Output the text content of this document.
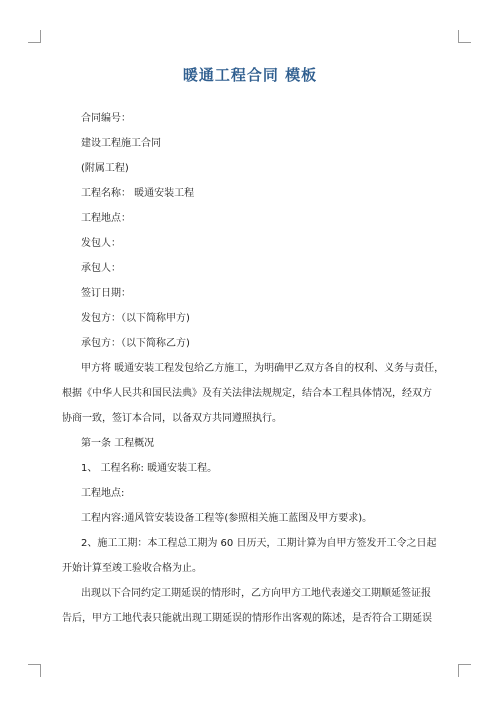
暖通工程合同 模板
合同编号：
建设工程施工合同
(附属工程)
工程名称： 暖通安装工程
工程地点：
发包人：
承包人：
签订日期：
发包方：（以下简称甲方)
承包方：（以下简称乙方)
甲方将 暖通安装工程发包给乙方施工，为明确甲乙双方各自的权利、义务与责任，
根据《中华人民共和国民法典》及有关法律法规规定，结合本工程具体情况，经双方
协商一致，签订本合同，以备双方共同遵照执行。
第一条 工程概况
1、 工程名称: 暖通安装工程。
工程地点:
工程内容:通风管安装设备工程等(参照相关施工蓝图及甲方要求)。
2、施工工期：本工程总工期为 60 日历天，工期计算为自甲方签发开工令之日起
开始计算至竣工验收合格为止。
出现以下合同约定工期延误的情形时，乙方向甲方工地代表递交工期顺延签证报
告后，甲方工地代表只能就出现工期延误的情形作出客观的陈述，是否符合工期延误
